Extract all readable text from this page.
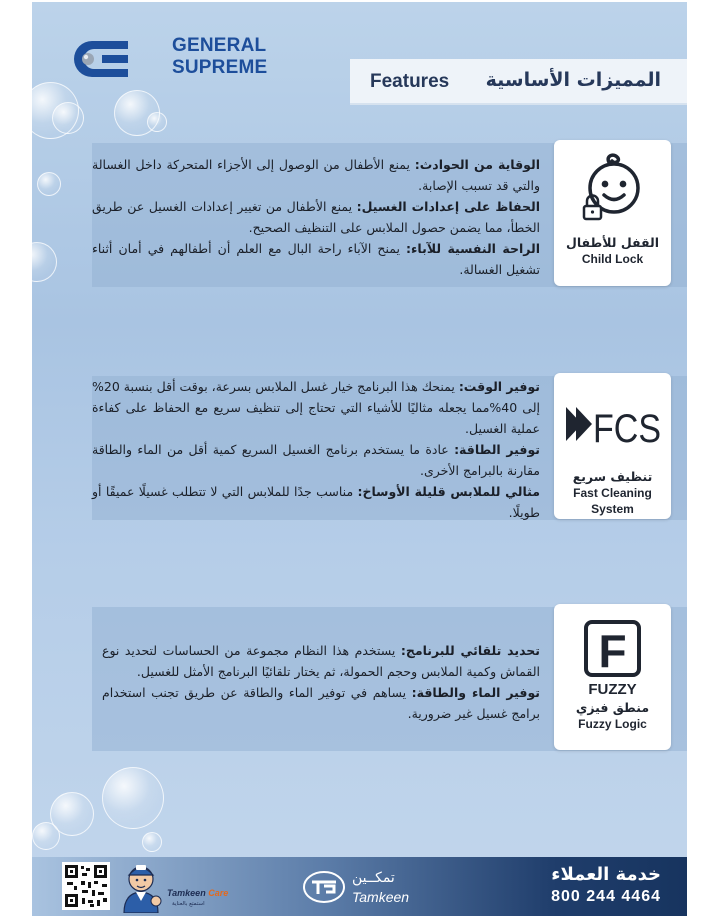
GENERAL
SUPREME
Features المميزات الأساسية
القفل للأطفال
Child Lock

الوقاية من الحوادث: يمنع الأطفال من الوصول إلى الأجزاء المتحركة داخل الغسالة والتي قد تسبب الإصابة.

الحفاظ على إعدادات الغسيل: يمنع الأطفال من تغيير إعدادات الغسيل عن طريق الخطأ، مما يضمن حصول الملابس على التنظيف الصحيح.

الراحة النفسية للآباء: يمنح الآباء راحة البال مع العلم أن أطفالهم في أمان أثناء تشغيل الغسالة.

FCS
تنظيف سريع
Fast Cleaning
System

توفير الوقت: يمنحك هذا البرنامج خيار غسل الملابس بسرعة، بوقت أقل بنسبة 20% إلى 40%مما يجعله مثاليًا للأشياء التي تحتاج إلى تنظيف سريع مع الحفاظ على كفاءة عملية الغسيل.

توفير الطاقة: عادة ما يستخدم برنامج الغسيل السريع كمية أقل من الماء والطاقة مقارنة بالبرامج الأخرى.

مثالي للملابس قليلة الأوساخ: مناسب جدًا للملابس التي لا تتطلب غسيلًا عميقًا أو طويلًا.

F
FUZZY
منطق فيزي
Fuzzy Logic

تحديد تلقائي للبرنامج: يستخدم هذا النظام مجموعة من الحساسات لتحديد نوع القماش وكمية الملابس وحجم الحمولة، ثم يختار تلقائيًا البرنامج الأمثل للغسيل.

توفير الماء والطاقة: يساهم في توفير الماء والطاقة عن طريق تجنب استخدام برامج غسيل غير ضرورية.

Tamkeen Care
استمتع بالعناية
تمكــين
Tamkeen
خدمة العملاء
800 244 4464
